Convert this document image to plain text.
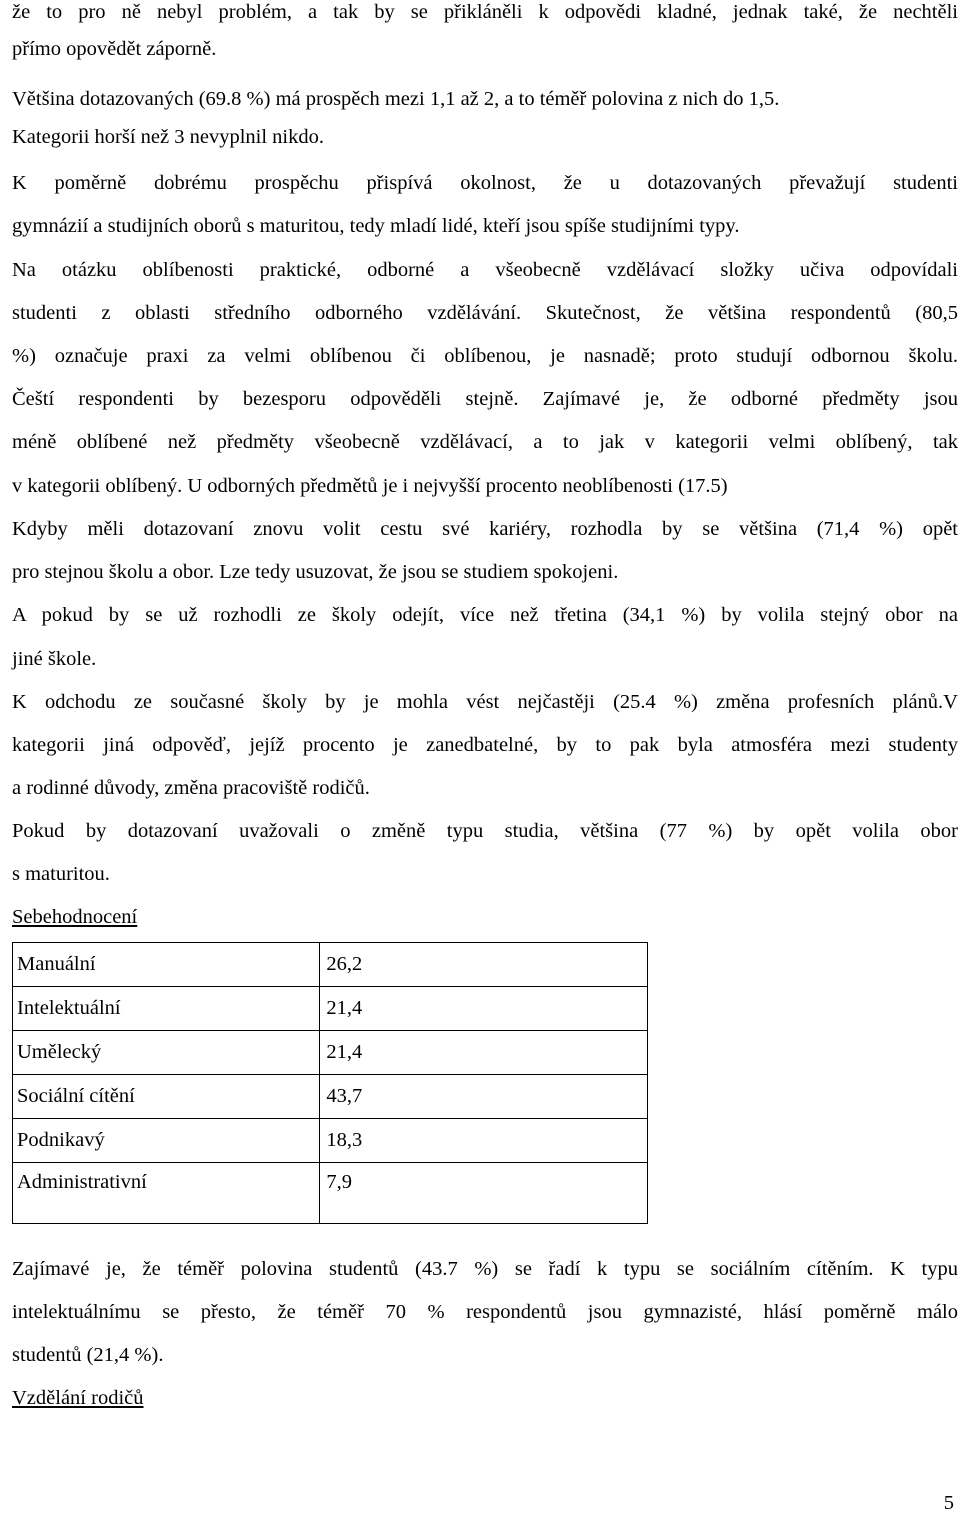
že to pro ně nebyl problém, a tak by se přikláněli k odpovědi kladné, jednak také, že nechtěli
přímo opovědět záporně.
Většina dotazovaných (69.8 %) má prospěch mezi 1,1 až 2, a to téměř polovina z nich do 1,5.
Kategorii horší než 3 nevyplnil nikdo.
K poměrně dobrému prospěchu přispívá okolnost, že u dotazovaných převažují studenti
gymnázií a studijních oborů s maturitou, tedy mladí lidé, kteří jsou spíše studijními typy.
Na otázku oblíbenosti praktické, odborné a všeobecně vzdělávací složky učiva odpovídali
studenti z oblasti středního odborného vzdělávání. Skutečnost, že většina respondentů (80,5
%) označuje praxi za velmi oblíbenou či oblíbenou, je nasnadě; proto studují odbornou školu.
Čeští respondenti by bezesporu odpověděli stejně. Zajímavé je, že odborné předměty jsou
méně oblíbené než předměty všeobecně vzdělávací, a to jak v kategorii velmi oblíbený, tak
v kategorii oblíbený. U odborných předmětů je i nejvyšší procento neoblíbenosti (17.5)
Kdyby měli dotazovaní znovu volit cestu své kariéry, rozhodla by se většina (71,4 %) opět
pro stejnou školu a obor. Lze tedy usuzovat, že jsou se studiem spokojeni.
A pokud by se už rozhodli ze školy odejít, více než třetina (34,1 %) by volila stejný obor na
jiné škole.
K odchodu ze současné školy by je mohla vést nejčastěji (25.4 %) změna profesních plánů.V
kategorii jiná odpověď, jejíž procento je zanedbatelné, by to pak byla atmosféra mezi studenty
a rodinné důvody, změna pracoviště rodičů.
Pokud by dotazovaní uvažovali o změně typu studia, většina (77 %) by opět volila obor
s maturitou.
Sebehodnocení
Manuální	26,2
Intelektuální	21,4
Umělecký	21,4
Sociální cítění	43,7
Podnikavý	18,3
Administrativní	7,9
Zajímavé je, že téměř polovina studentů (43.7 %) se řadí k typu se sociálním cítěním. K typu
intelektuálnímu se přesto, že téměř 70 % respondentů jsou gymnazisté, hlásí poměrně málo
studentů (21,4 %).
Vzdělání rodičů
5
